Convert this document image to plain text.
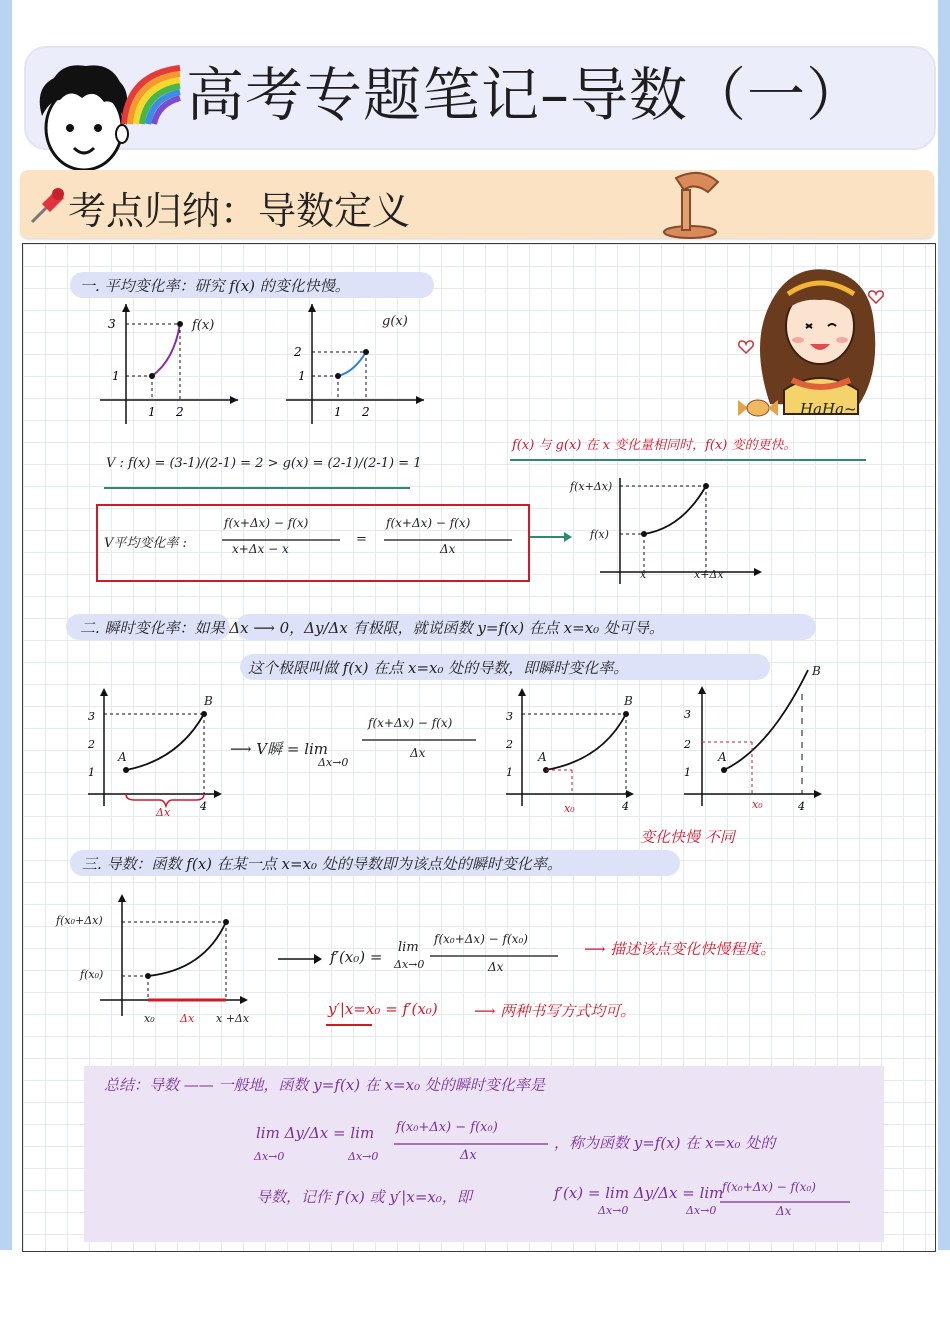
高考专题笔记–导数（一）
考点归纳：导数定义
一. 平均变化率：研究 f(x) 的变化快慢。
3
1
1 2
f(x)
2
1
1 2
g(x)
HaHa~
f(x) 与 g(x) 在 x 变化量相同时，f(x) 变的更快。
V : f(x) = (3-1)/(2-1) = 2 > g(x) = (2-1)/(2-1) = 1
V平均变化率 :
f(x+Δx) − f(x)
x+Δx − x
=
f(x+Δx) − f(x)
Δx
f(x+Δx)
f(x)
x	x+Δx
二. 瞬时变化率：如果 Δx ⟶ 0，Δy/Δx 有极限，就说函数 y=f(x) 在点 x=x₀ 处可导。
这个极限叫做 f(x) 在点 x=x₀ 处的导数，即瞬时变化率。
3
2
1
4
A
B
Δx
⟶ V瞬 = lim
Δx→0
f(x+Δx) − f(x)
Δx
3
2
1
4
A
B
x₀
3
2
1
4
A
B
x₀
变化快慢 不同
三. 导数：函数 f(x) 在某一点 x=x₀ 处的导数即为该点处的瞬时变化率。
f(x₀+Δx)
f(x₀)
x₀ Δx x +Δx
f′(x₀) =
lim
Δx→0
f(x₀+Δx) − f(x₀)
Δx
⟶ 描述该点变化快慢程度。
y′|x=x₀ = f′(x₀) ⟶ 两种书写方式均可。
总结：导数 —— 一般地，函数 y=f(x) 在 x=x₀ 处的瞬时变化率是
lim Δy/Δx = lim
Δx→0	Δx→0
f(x₀+Δx) − f(x₀)
Δx
，称为函数 y=f(x) 在 x=x₀ 处的
导数，记作 f′(x) 或 y′|x=x₀，即	f′(x) = lim Δy/Δx = lim
Δx→0	Δx→0
f(x₀+Δx) − f(x₀)
Δx
